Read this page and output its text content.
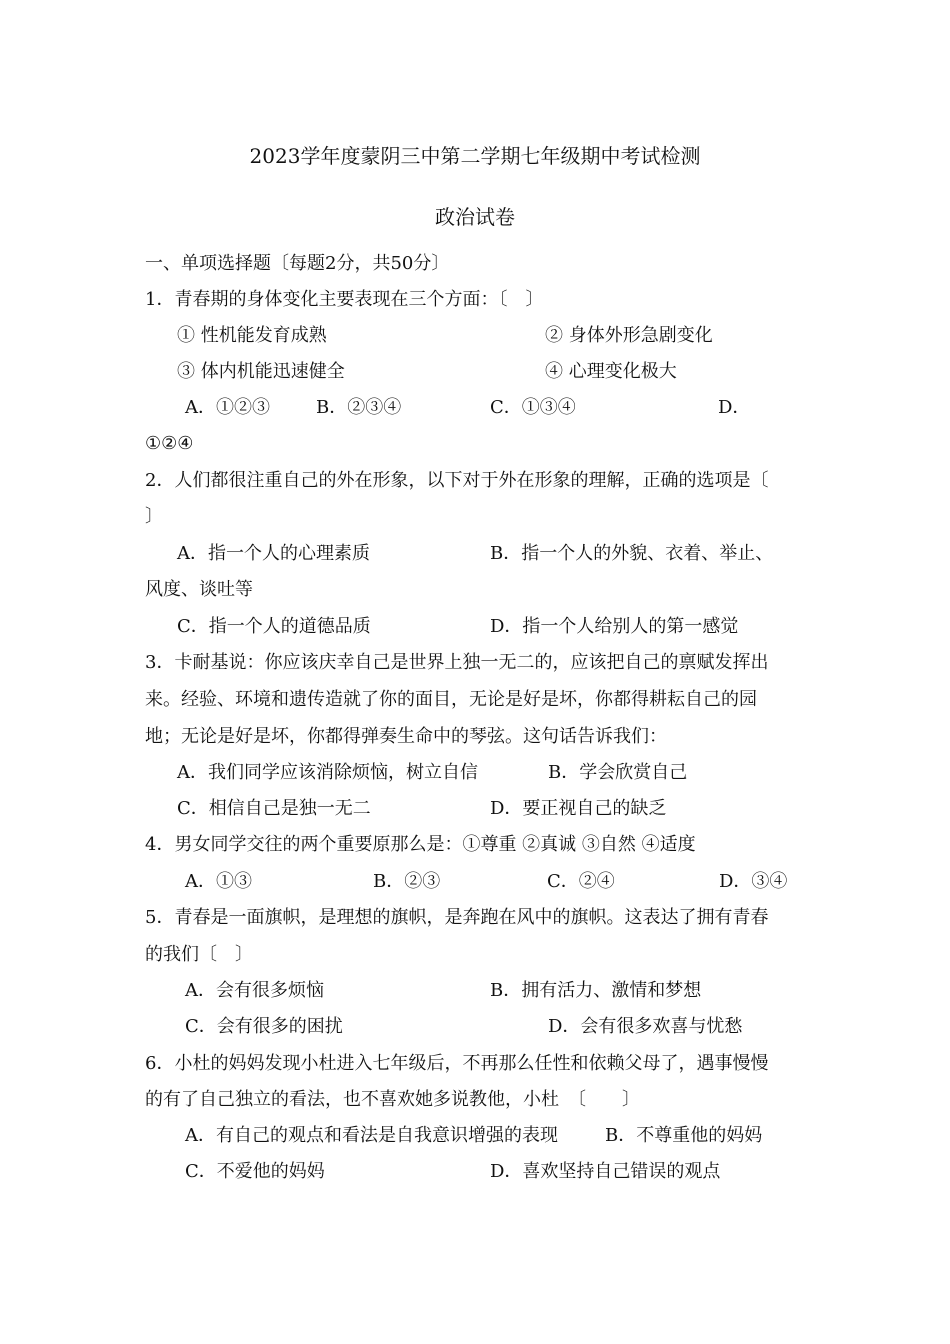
2023学年度蒙阴三中第二学期七年级期中考试检测
政治试卷
一、单项选择题〔每题2分，共50分〕
1．青春期的身体变化主要表现在三个方面：〔　〕
① 性机能发育成熟	② 身体外形急剧变化
③ 体内机能迅速健全	④ 心理变化极大
A．①②③	B．②③④	C．①③④	D．
①②④
2．人们都很注重自己的外在形象，以下对于外在形象的理解，正确的选项是〔
〕
A．指一个人的心理素质	B．指一个人的外貌、衣着、举止、
风度、谈吐等
C．指一个人的道德品质	D．指一个人给别人的第一感觉
3．卡耐基说：你应该庆幸自己是世界上独一无二的，应该把自己的禀赋发挥出
来。经验、环境和遗传造就了你的面目，无论是好是坏，你都得耕耘自己的园
地；无论是好是坏，你都得弹奏生命中的琴弦。这句话告诉我们：
A．我们同学应该消除烦恼，树立自信	B．学会欣赏自己
C．相信自己是独一无二	D．要正视自己的缺乏
4．男女同学交往的两个重要原那么是：①尊重 ②真诚 ③自然 ④适度
A．①③	B．②③	C．②④	D．③④
5．青春是一面旗帜，是理想的旗帜，是奔跑在风中的旗帜。这表达了拥有青春
的我们〔　〕
A．会有很多烦恼	B．拥有活力、激情和梦想
C．会有很多的困扰	D．会有很多欢喜与忧愁
6．小杜的妈妈发现小杜进入七年级后，不再那么任性和依赖父母了，遇事慢慢
的有了自己独立的看法，也不喜欢她多说教他，小杜　〔　　〕
A．有自己的观点和看法是自我意识增强的表现	B．不尊重他的妈妈
C．不爱他的妈妈	D．喜欢坚持自己错误的观点
